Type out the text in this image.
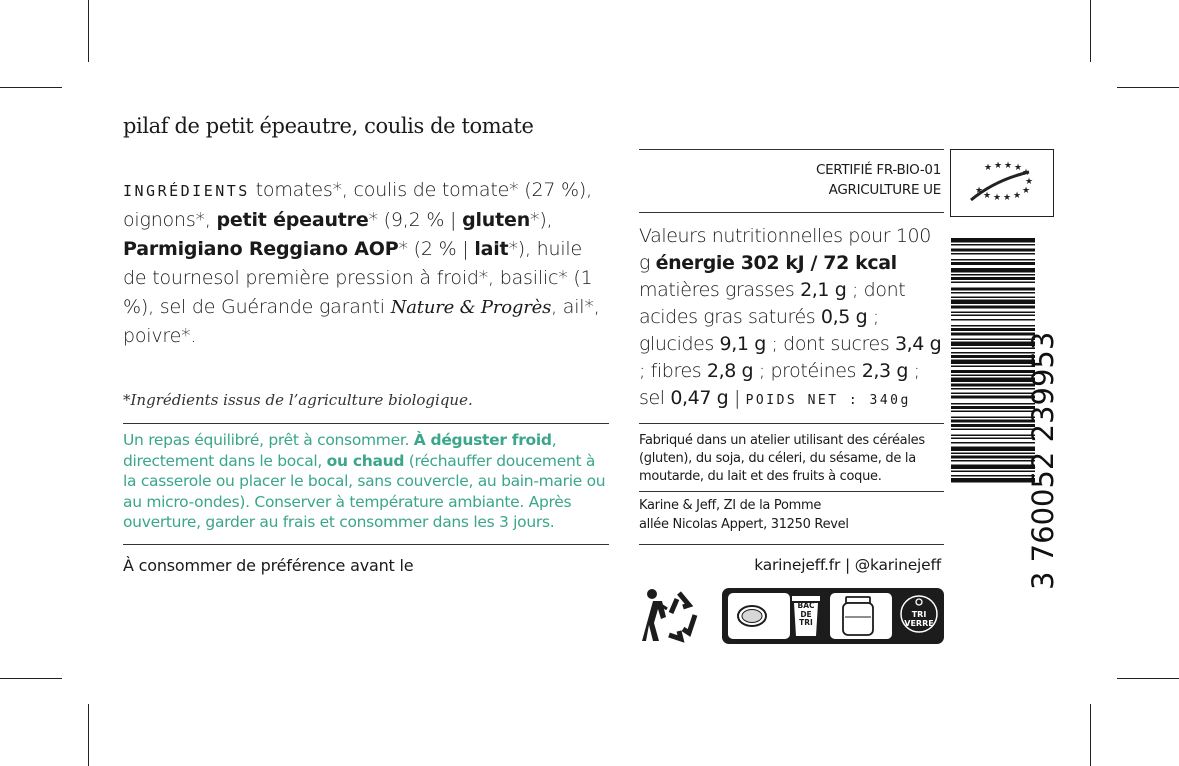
pilaf de petit épeautre, coulis de tomate
INGRÉDIENTS tomates*, coulis de tomate* (27 %), oignons*, petit épeautre* (9,2 % | gluten*), Parmigiano Reggiano AOP* (2 % | lait*), huile de tournesol première pression à froid*, basilic* (1 %), sel de Guérande garanti Nature & Progrès, ail*, poivre*.
*Ingrédients issus de l’agriculture biologique.
Un repas équilibré, prêt à consommer. À déguster froid, directement dans le bocal, ou chaud (réchauffer doucement à la casserole ou placer le bocal, sans couvercle, au bain-marie ou au micro-ondes). Conserver à température ambiante. Après ouverture, garder au frais et consommer dans les 3 jours.
À consommer de préférence avant le
CERTIFIÉ FR-BIO-01
AGRICULTURE UE
★ ★ ★ ★ ★
★
★
★
★
★
★
★
Valeurs nutritionnelles pour 100 g énergie 302 kJ / 72 kcal matières grasses 2,1 g ; dont acides gras saturés 0,5 g ; glucides 9,1 g ; dont sucres 3,4 g ; fibres 2,8 g ; protéines 2,3 g ; sel 0,47 g | POIDS NET : 340g
Fabriqué dans un atelier utilisant des céréales (gluten), du soja, du céleri, du sésame, de la moutarde, du lait et des fruits à coque.
Karine & Jeff, ZI de la Pomme
allée Nicolas Appert, 31250 Revel
karinejeff.fr | @karinejeff
BAC
DE
TRI
TRI
VERRE
3 760052 239953
